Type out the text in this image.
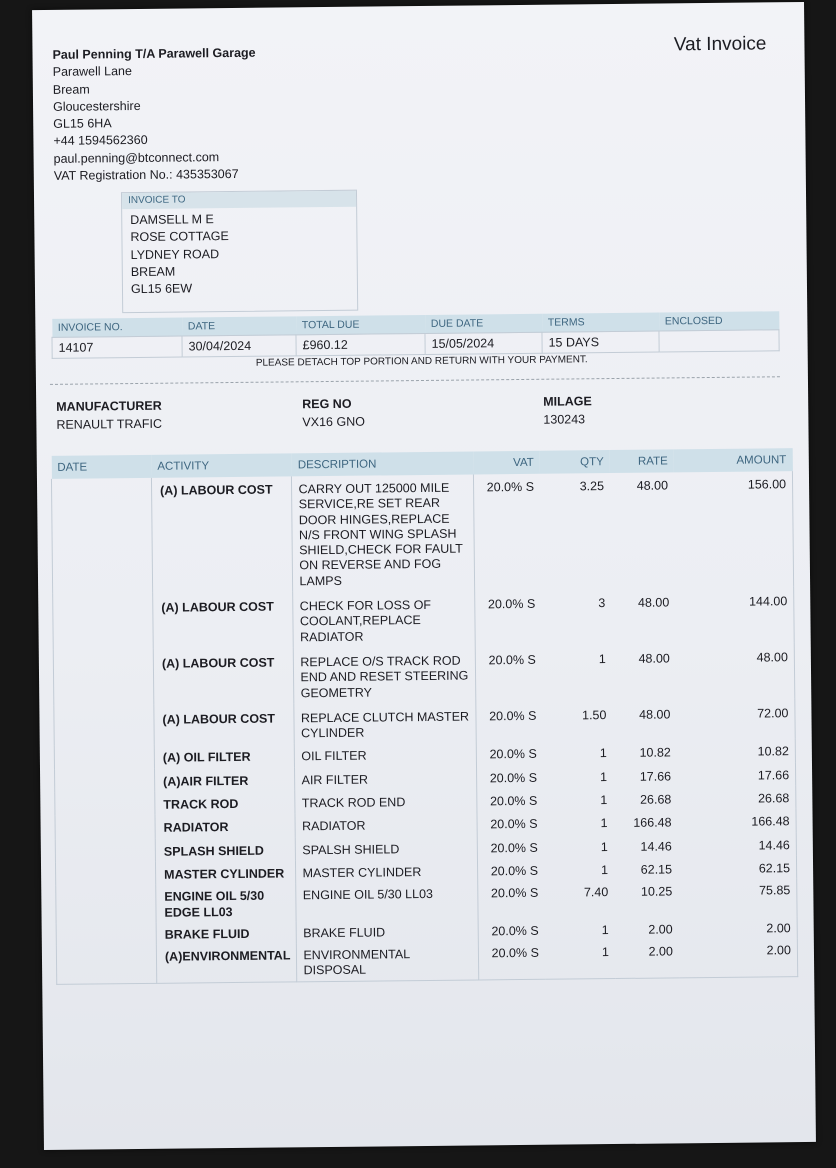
Paul Penning T/A Parawell Garage
Parawell Lane
Bream
Gloucestershire
GL15 6HA
+44 1594562360
paul.penning@btconnect.com
VAT Registration No.: 435353067
Vat Invoice
INVOICE TO
DAMSELL M E
ROSE COTTAGE
LYDNEY ROAD
BREAM
GL15 6EW
INVOICE NO.	DATE	TOTAL DUE	DUE DATE	TERMS	ENCLOSED
14107	30/04/2024	£960.12	15/05/2024	15 DAYS	
PLEASE DETACH TOP PORTION AND RETURN WITH YOUR PAYMENT.
MANUFACTURER
RENAULT TRAFIC
REG NO
VX16 GNO
MILAGE
130243
DATE	ACTIVITY	DESCRIPTION	VAT	QTY	RATE	AMOUNT
	(A) LABOUR COST	CARRY OUT 125000 MILE SERVICE,RE SET REAR DOOR HINGES,REPLACE N/S FRONT WING SPLASH SHIELD,CHECK FOR FAULT ON REVERSE AND FOG LAMPS	20.0% S	3.25	48.00	156.00
	(A) LABOUR COST	CHECK FOR LOSS OF COOLANT,REPLACE RADIATOR	20.0% S	3	48.00	144.00
	(A) LABOUR COST	REPLACE O/S TRACK ROD END AND RESET STEERING GEOMETRY	20.0% S	1	48.00	48.00
	(A) LABOUR COST	REPLACE CLUTCH MASTER CYLINDER	20.0% S	1.50	48.00	72.00
	(A) OIL FILTER	OIL FILTER	20.0% S	1	10.82	10.82
	(A)AIR FILTER	AIR FILTER	20.0% S	1	17.66	17.66
	TRACK ROD	TRACK ROD END	20.0% S	1	26.68	26.68
	RADIATOR	RADIATOR	20.0% S	1	166.48	166.48
	SPLASH SHIELD	SPALSH SHIELD	20.0% S	1	14.46	14.46
	MASTER CYLINDER	MASTER CYLINDER	20.0% S	1	62.15	62.15
	ENGINE OIL 5/30 EDGE LL03	ENGINE OIL 5/30 LL03	20.0% S	7.40	10.25	75.85
	BRAKE FLUID	BRAKE FLUID	20.0% S	1	2.00	2.00
	(A)ENVIRONMENTAL	ENVIRONMENTAL DISPOSAL	20.0% S	1	2.00	2.00
